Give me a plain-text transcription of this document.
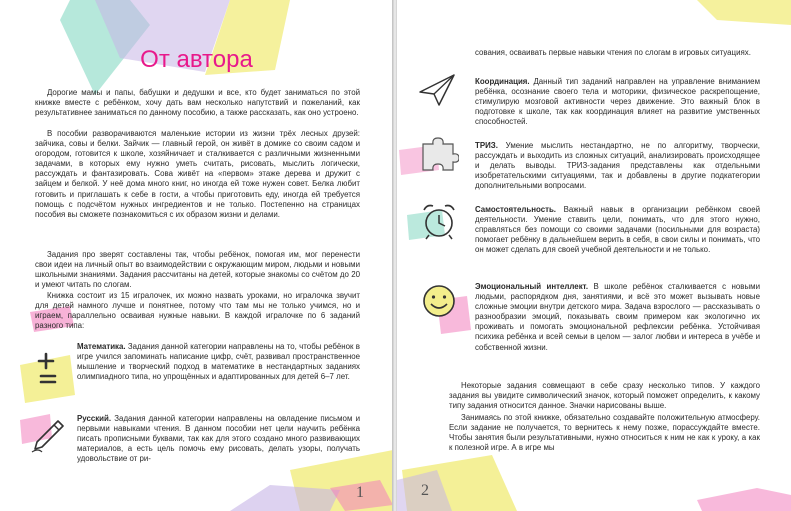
От автора

Дорогие мамы и папы, бабушки и дедушки и все, кто будет заниматься по этой книжке вместе с ребёнком, хочу дать вам несколько напутствий и пожеланий, как результативнее заниматься по данному пособию, а также рассказать, как оно устроено.

В пособии разворачиваются маленькие истории из жизни трёх лесных друзей: зайчика, совы и белки. Зайчик — главный герой, он живёт в домике со своим садом и огородом, готовится к школе, хозяйничает и сталкивается с различными жизненными задачами, в которых ему нужно уметь считать, рисовать, мыслить логически, рассуждать и фантазировать. Сова живёт на «первом» этаже дерева и дружит с зайцем и белкой. У неё дома много книг, но иногда ей тоже нужен совет. Белка любит готовить и приглашать к себе в гости, а чтобы приготовить еду, иногда ей требуется помощь с подсчётом нужных ингредиентов и не только. Постепенно на страницах пособия вы сможете познакомиться с их образом жизни и делами.

Задания про зверят составлены так, чтобы ребёнок, помогая им, мог перенести свои идеи на личный опыт во взаимодействии с окружающим миром, людьми и новыми школьными знаниями. Задания рассчитаны на детей, которые знакомы со счётом до 20 и умеют читать по слогам.

Книжка состоит из 15 игралочек, их можно назвать уроками, но игралочка звучит для детей намного лучше и понятнее, потому что там мы не только учимся, но и играем, параллельно осваивая нужные навыки. В каждой игралочке по 6 заданий разного типа:

Математика. Задания данной категории направлены на то, чтобы ребёнок в игре учился запоминать написание цифр, счёт, развивал пространственное мышление и творческий подход в математике в нестандартных заданиях олимпиадного типа, но упрощённых и адаптированных для детей 6–7 лет.

Русский. Задания данной категории направлены на овладение письмом и первыми навыками чтения. В данном пособии нет цели научить ребёнка писать прописными буквами, так как для этого создано много развивающих материалов, а есть цель помочь ему рисовать, делать узоры, получать удовольствие от ри-

1

сования, осваивать первые навыки чтения по слогам в игровых ситуациях.

Координация. Данный тип заданий направлен на управление вниманием ребёнка, осознание своего тела и моторики, физическое раскрепощение, стимулирую мозговой активности через движение. Это важный блок в подготовке к школе, так как координация влияет на развитие умственных способностей.

ТРИЗ. Умение мыслить нестандартно, не по алгоритму, творчески, рассуждать и выходить из сложных ситуаций, анализировать происходящее и делать выводы. ТРИЗ-задания представлены как отдельными изобретательскими ситуациями, так и добавлены в другие подкатегории дополнительными вопросами.

Самостоятельность. Важный навык в организации ребёнком своей деятельности. Умение ставить цели, понимать, что для этого нужно, справляться без помощи со своими задачами (посильными для возраста) помогает ребёнку в дальнейшем верить в себя, в свои силы и понимать, что он может сделать для своей учебной деятельности и не только.

Эмоциональный интеллект. В школе ребёнок сталкивается с новыми людьми, распорядком дня, занятиями, и всё это может вызывать новые сложные эмоции внутри детского мира. Задача взрослого — рассказывать о разнообразии эмоций, показывать своим примером как экологично их проживать и помогать эмоциональной рефлексии ребёнка. Устойчивая психика ребёнка и всей семьи в целом — залог любви и интереса в учёбе и собственной жизни.

Некоторые задания совмещают в себе сразу несколько типов. У каждого задания вы увидите символический значок, который поможет определить, к какому типу задания относится данное. Значки нарисованы выше.

Занимаясь по этой книжке, обязательно создавайте положительную атмосферу. Если задание не получается, то вернитесь к нему позже, порассуждайте вместе. Чтобы занятия были результативными, нужно относиться к ним не как к уроку, а как к полезной игре. А в игре мы

2
